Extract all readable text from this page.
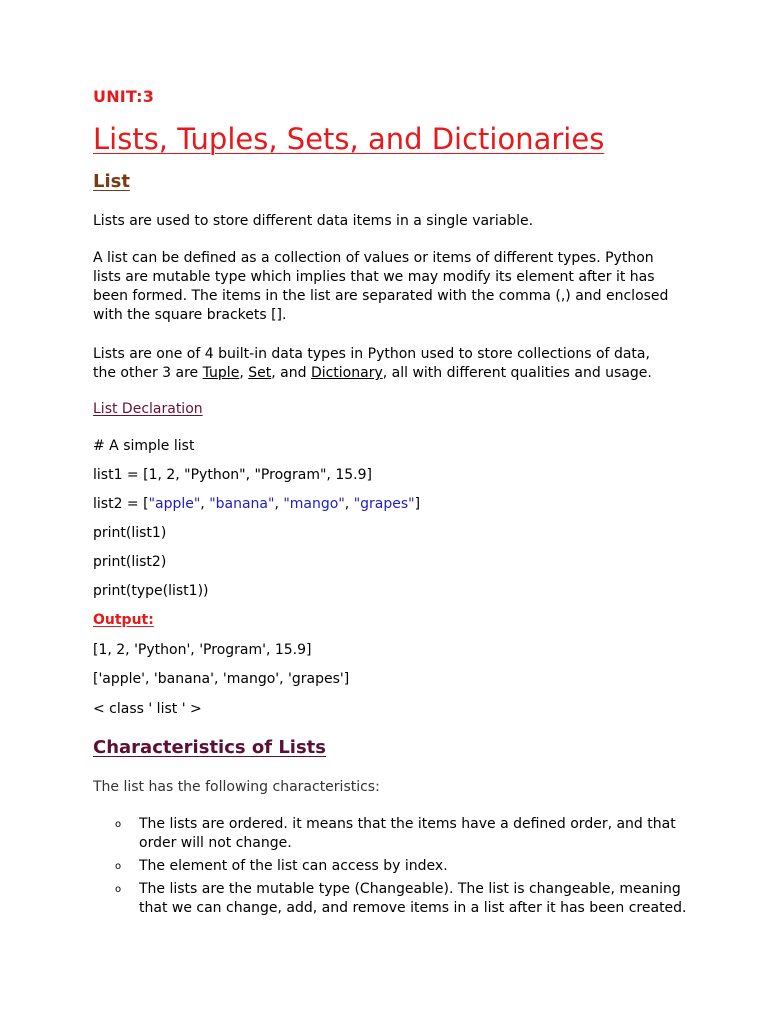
UNIT:3
Lists, Tuples, Sets, and Dictionaries
List
Lists are used to store different data items in a single variable.
A list can be defined as a collection of values or items of different types. Python lists are mutable type which implies that we may modify its element after it has been formed. The items in the list are separated with the comma (,) and enclosed with the square brackets [].
Lists are one of 4 built-in data types in Python used to store collections of data, the other 3 are Tuple, Set, and Dictionary, all with different qualities and usage.
List Declaration
# A simple list
list1 = [1, 2, "Python", "Program", 15.9]
list2 = ["apple", "banana", "mango", "grapes"]
print(list1)
print(list2)
print(type(list1))
Output:
[1, 2, 'Python', 'Program', 15.9]
['apple', 'banana', 'mango', 'grapes']
< class ' list ' >
Characteristics of Lists
The list has the following characteristics:
o The lists are ordered. it means that the items have a defined order, and that order will not change.
o The element of the list can access by index.
o The lists are the mutable type (Changeable). The list is changeable, meaning that we can change, add, and remove items in a list after it has been created.
